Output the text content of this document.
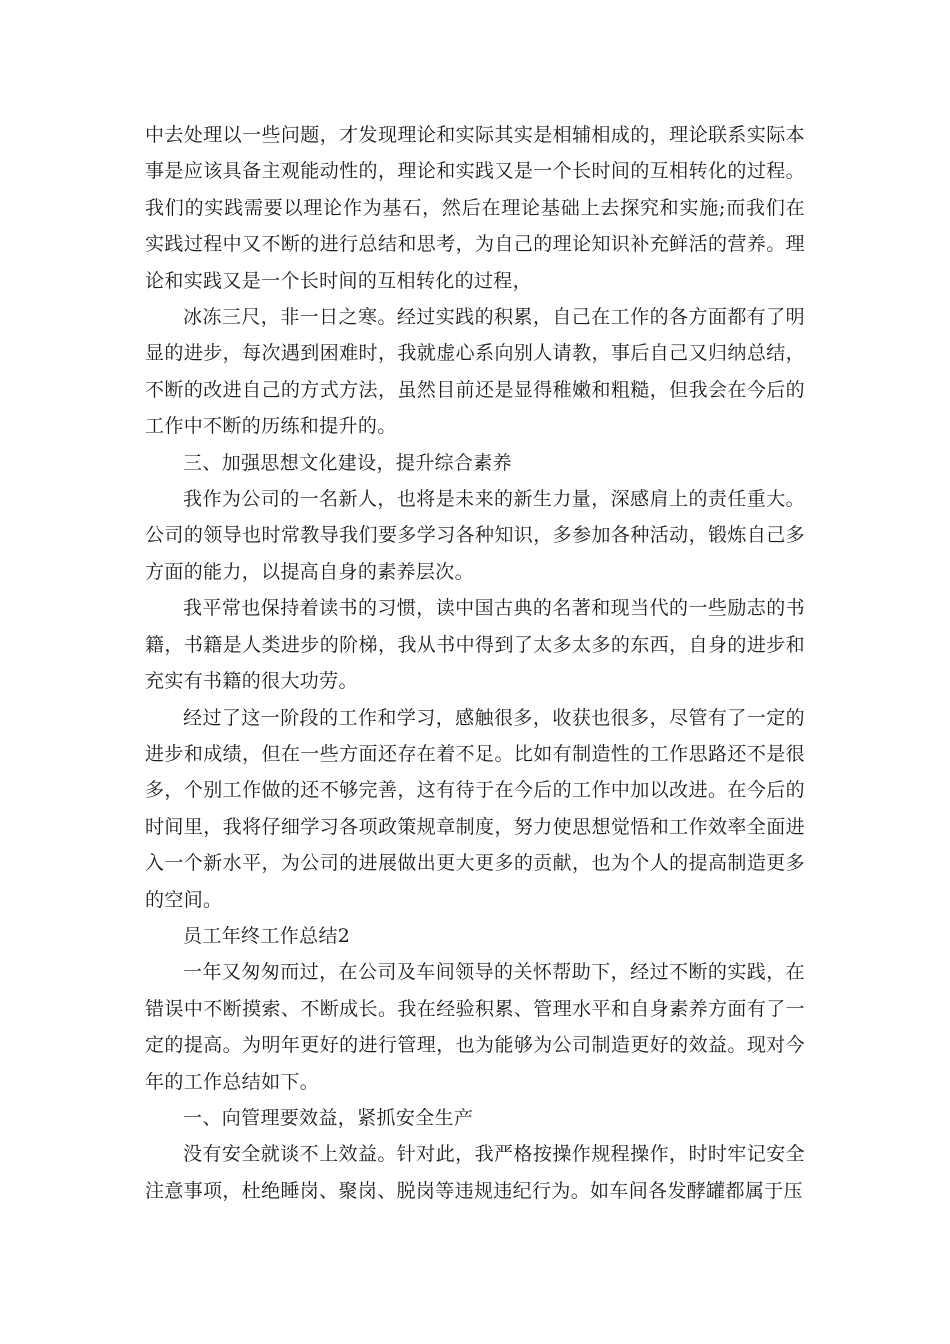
中去处理以一些问题，才发现理论和实际其实是相辅相成的，理论联系实际本事是应该具备主观能动性的，理论和实践又是一个长时间的互相转化的过程。我们的实践需要以理论作为基石，然后在理论基础上去探究和实施;而我们在实践过程中又不断的进行总结和思考，为自己的理论知识补充鲜活的营养。理论和实践又是一个长时间的互相转化的过程，

冰冻三尺，非一日之寒。经过实践的积累，自己在工作的各方面都有了明显的进步，每次遇到困难时，我就虚心系向别人请教，事后自己又归纳总结，不断的改进自己的方式方法，虽然目前还是显得稚嫩和粗糙，但我会在今后的工作中不断的历练和提升的。

三、加强思想文化建设，提升综合素养

我作为公司的一名新人，也将是未来的新生力量，深感肩上的责任重大。公司的领导也时常教导我们要多学习各种知识，多参加各种活动，锻炼自己多方面的能力，以提高自身的素养层次。

我平常也保持着读书的习惯，读中国古典的名著和现当代的一些励志的书籍，书籍是人类进步的阶梯，我从书中得到了太多太多的东西，自身的进步和充实有书籍的很大功劳。

经过了这一阶段的工作和学习，感触很多，收获也很多，尽管有了一定的进步和成绩，但在一些方面还存在着不足。比如有制造性的工作思路还不是很多，个别工作做的还不够完善，这有待于在今后的工作中加以改进。在今后的时间里，我将仔细学习各项政策规章制度，努力使思想觉悟和工作效率全面进入一个新水平，为公司的进展做出更大更多的贡献，也为个人的提高制造更多的空间。

员工年终工作总结2

一年又匆匆而过，在公司及车间领导的关怀帮助下，经过不断的实践，在错误中不断摸索、不断成长。我在经验积累、管理水平和自身素养方面有了一定的提高。为明年更好的进行管理，也为能够为公司制造更好的效益。现对今年的工作总结如下。

一、向管理要效益，紧抓安全生产

没有安全就谈不上效益。针对此，我严格按操作规程操作，时时牢记安全注意事项，杜绝睡岗、聚岗、脱岗等违规违纪行为。如车间各发酵罐都属于压
